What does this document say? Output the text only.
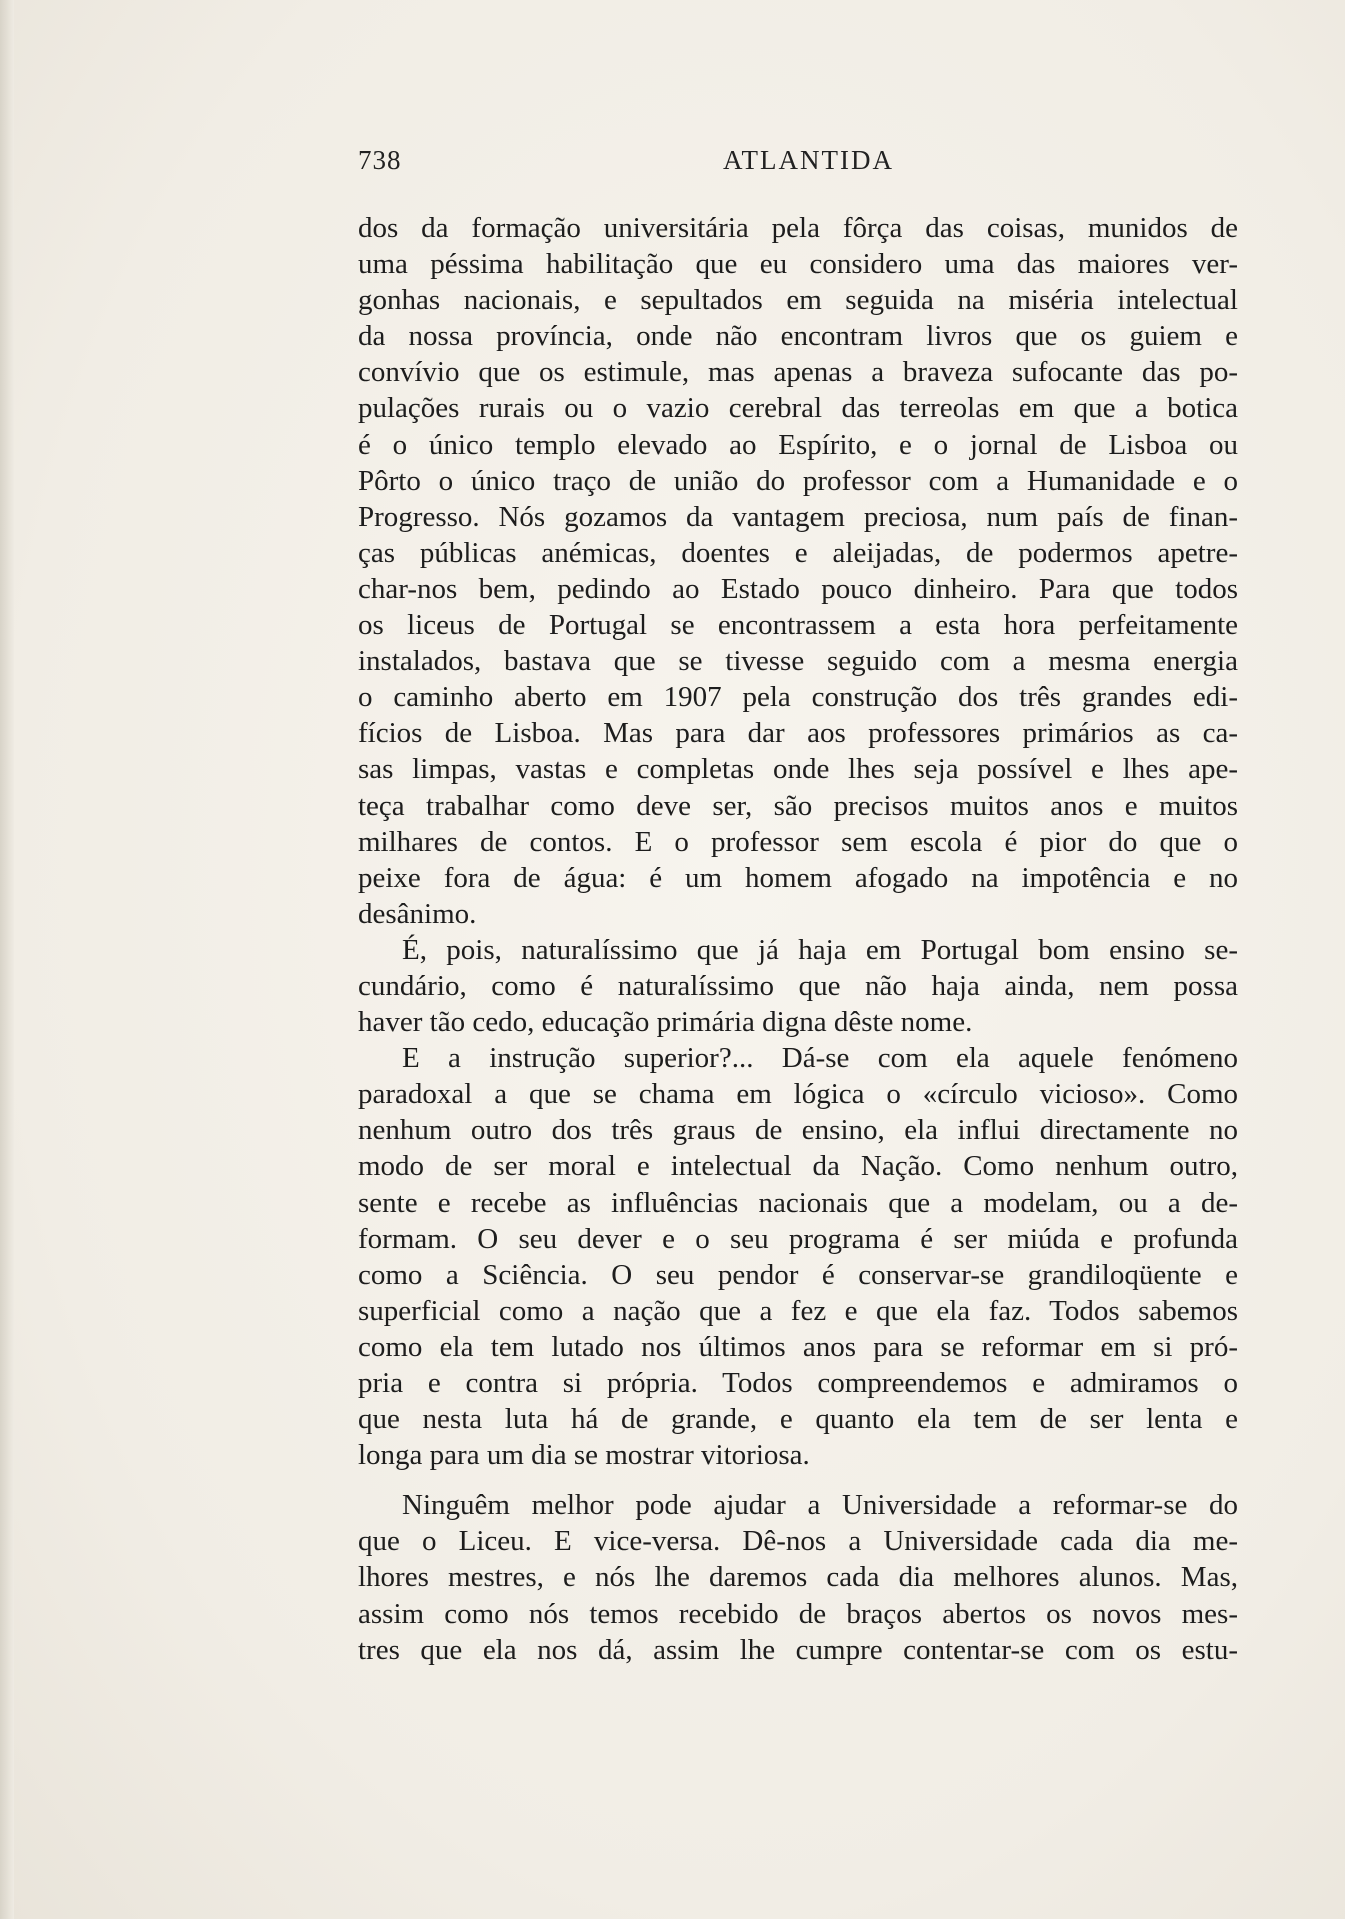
738	ATLANTIDA

dos da formação universitária pela fôrça das coisas, munidos de
uma péssima habilitação que eu considero uma das maiores ver-
gonhas nacionais, e sepultados em seguida na miséria intelectual
da nossa província, onde não encontram livros que os guiem e
convívio que os estimule, mas apenas a braveza sufocante das po-
pulações rurais ou o vazio cerebral das terreolas em que a botica
é o único templo elevado ao Espírito, e o jornal de Lisboa ou
Pôrto o único traço de união do professor com a Humanidade e o
Progresso. Nós gozamos da vantagem preciosa, num país de finan-
ças públicas anémicas, doentes e aleijadas, de podermos apetre-
char-nos bem, pedindo ao Estado pouco dinheiro. Para que todos
os liceus de Portugal se encontrassem a esta hora perfeitamente
instalados, bastava que se tivesse seguido com a mesma energia
o caminho aberto em 1907 pela construção dos três grandes edi-
fícios de Lisboa. Mas para dar aos professores primários as ca-
sas limpas, vastas e completas onde lhes seja possível e lhes ape-
teça trabalhar como deve ser, são precisos muitos anos e muitos
milhares de contos. E o professor sem escola é pior do que o
peixe fora de água: é um homem afogado na impotência e no
desânimo.

É, pois, naturalíssimo que já haja em Portugal bom ensino se-
cundário, como é naturalíssimo que não haja ainda, nem possa
haver tão cedo, educação primária digna dêste nome.

E a instrução superior?... Dá-se com ela aquele fenómeno
paradoxal a que se chama em lógica o «círculo vicioso». Como
nenhum outro dos três graus de ensino, ela influi directamente no
modo de ser moral e intelectual da Nação. Como nenhum outro,
sente e recebe as influências nacionais que a modelam, ou a de-
formam. O seu dever e o seu programa é ser miúda e profunda
como a Sciência. O seu pendor é conservar-se grandiloqüente e
superficial como a nação que a fez e que ela faz. Todos sabemos
como ela tem lutado nos últimos anos para se reformar em si pró-
pria e contra si própria. Todos compreendemos e admiramos o
que nesta luta há de grande, e quanto ela tem de ser lenta e
longa para um dia se mostrar vitoriosa.

Ninguêm melhor pode ajudar a Universidade a reformar-se do
que o Liceu. E vice-versa. Dê-nos a Universidade cada dia me-
lhores mestres, e nós lhe daremos cada dia melhores alunos. Mas,
assim como nós temos recebido de braços abertos os novos mes-
tres que ela nos dá, assim lhe cumpre contentar-se com os estu-
